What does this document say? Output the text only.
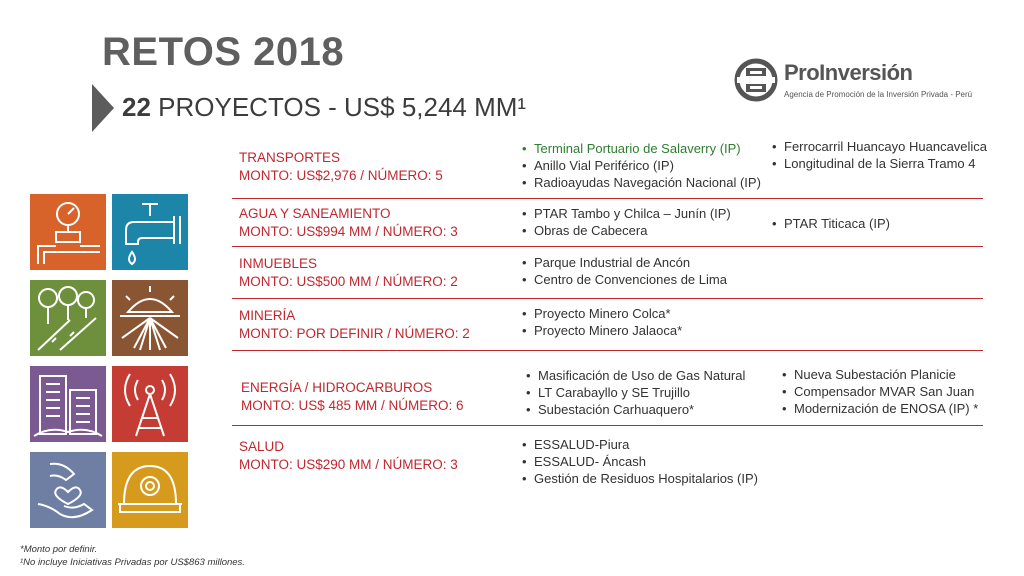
RETOS 2018
22 PROYECTOS - US$ 5,244 MM¹
ProInversión
Agencia de Promoción de la Inversión Privada - Perú
TRANSPORTES
MONTO: US$2,976 / NÚMERO: 5
• Terminal Portuario de Salaverry (IP)
• Anillo Vial Periférico (IP)
• Radioayudas Navegación Nacional (IP)
• Ferrocarril Huancayo Huancavelica
• Longitudinal de la Sierra Tramo 4
AGUA Y SANEAMIENTO
MONTO: US$994 MM / NÚMERO: 3
• PTAR Tambo y Chilca – Junín (IP)
• Obras de Cabecera
•	PTAR Titicaca (IP)
INMUEBLES
MONTO: US$500 MM / NÚMERO: 2
• Parque Industrial de Ancón
• Centro de Convenciones de Lima
MINERÍA
MONTO: POR DEFINIR / NÚMERO: 2
• Proyecto Minero Colca*
• Proyecto Minero Jalaoca*
ENERGÍA / HIDROCARBUROS
MONTO: US$ 485 MM / NÚMERO: 6
• Masificación de Uso de Gas Natural
• LT Carabayllo y SE Trujillo
• Subestación Carhuaquero*
• Nueva Subestación Planicie
• Compensador MVAR San Juan
• Modernización de ENOSA (IP) *
SALUD
MONTO: US$290 MM / NÚMERO: 3
• ESSALUD-Piura
• ESSALUD- Áncash
• Gestión de Residuos Hospitalarios (IP)
*Monto por definir.
¹No incluye Iniciativas Privadas por US$863 millones.
